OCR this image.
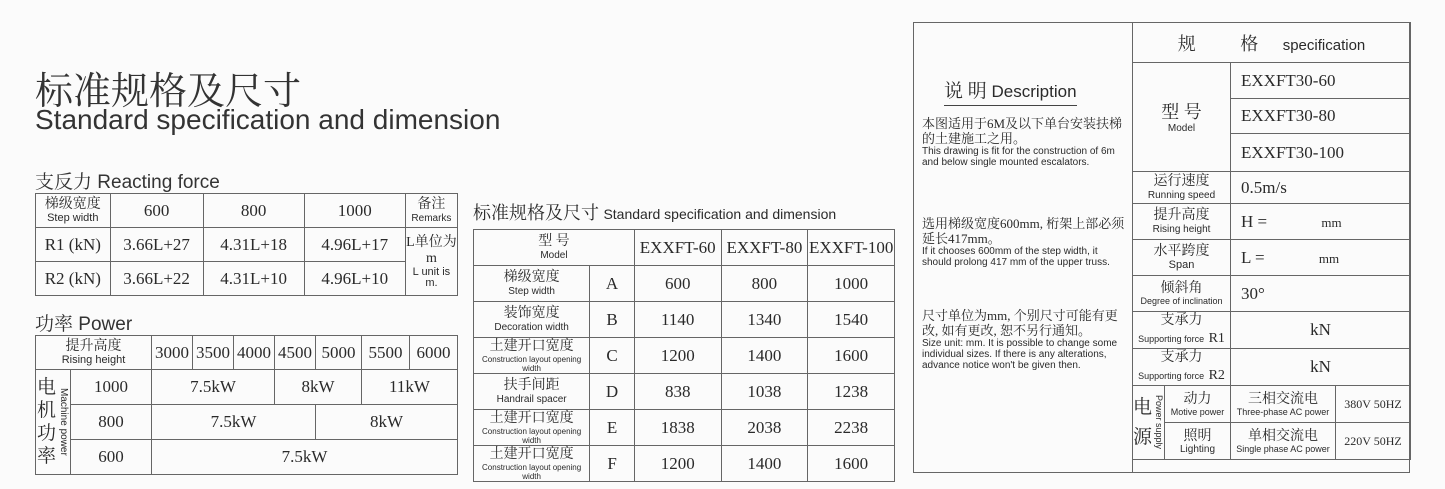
标准规格及尺寸
Standard specification and dimension
支反力 Reacting force
梯级宽度
Step width	600	800	1000	备注
Remarks

R1 (kN)	3.66L+27	4.31L+18	4.96L+17	L单位为m
L unit is m.

R2 (kN)	3.66L+22	4.31L+10	4.96L+10	
功率 Power
提升高度
Rising height		3000	3500	4000	4500	5000	5500	6000

电
机
功
率
Machine power	1000	7.5kW			8kW		11kW	
	800	7.5kW				8kW		
	600	7.5kW						
标准规格及尺寸 Standard specification and dimension
型 号
Model		EXXFT-60	EXXFT-80	EXXFT-100

梯级宽度
Step width	A	600	800	1000

装饰宽度
Decoration width	B	1140	1340	1540

土建开口宽度
Construction layout opening width	C	1200	1400	1600

扶手间距
Handrail spacer	D	838	1038	1238

土建开口宽度
Construction layout opening width	E	1838	2038	2238

土建开口宽度
Construction layout opening width	F	1200	1400	1600
说 明 Description
本图适用于6M及以下单台安装扶梯的土建施工之用。
This drawing is fit for the construction of 6m and below single mounted escalators.
选用梯级宽度600mm, 桁架上部必须延长417mm。
If it chooses 600mm of the step width, it should prolong 417 mm of the upper truss.
尺寸单位为mm, 个别尺寸可能有更改, 如有更改, 恕不另行通知。
Size unit: mm. It is possible to change some individual sizes. If there is any alterations, advance notice won't be given then.
规 格 specification			

型 号
Model		EXXFT30-60	
		EXXFT30-80	
		EXXFT30-100	

运行速度
Running speed		0.5m/s	

提升高度
Rising height		H = mm	

水平跨度
Span		L = mm	

倾斜角
Degree of inclination		30°	

支承力
Supporting force R1		kN	

支承力
Supporting force R2		kN	

电
源 Power supply	动力
Motive power	三相交流电
Three-phase AC power	380V 50HZ

	照明
Lighting	单相交流电
Single phase AC power	220V 50HZ
